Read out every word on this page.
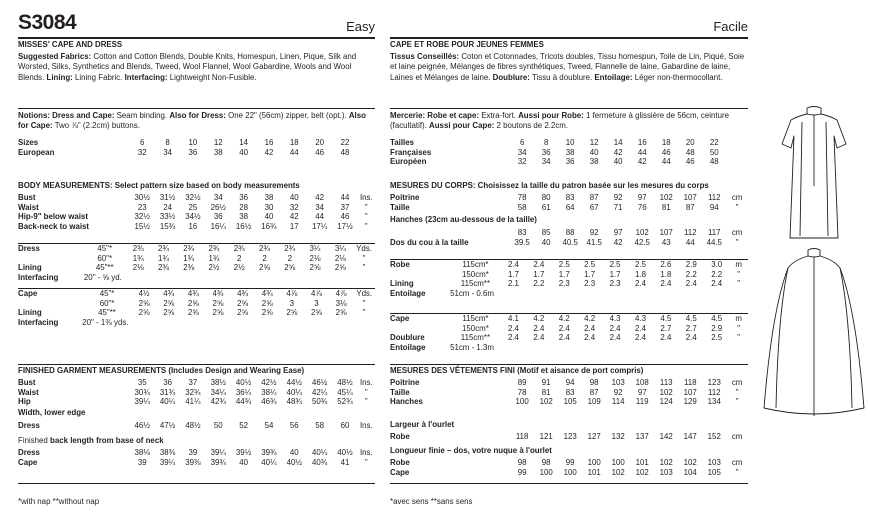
S3084	Easy
MISSES' CAPE AND DRESS
Suggested Fabrics: Cotton and Cotton Blends, Double Knits, Homespun, Linen, Pique, Silk and Worsted, Silks, Synthetics and Blends, Tweed, Wool Flannel, Wool Gabardine, Wools and Wool Blends. Lining: Lining Fabric. Interfacing: Lightweight Non-Fusible.
Notions: Dress and Cape: Seam binding. Also for Dress: One 22" (56cm) zipper, belt (opt.). Also for Cape: Two ⅞" (2.2cm) buttons.
Sizes	6	8	10	12	14	16	18	20	22	
European	32	34	36	38	40	42	44	46	48	
BODY MEASUREMENTS: Select pattern size based on body measurements
Bust	30½	31½	32½	34	36	38	40	42	44	Ins.
Waist	23	24	25	26½	28	30	32	34	37	"
Hip-9" below waist	32½	33½	34½	36	38	40	42	44	46	"
Back-neck to waist	15½	15¾	16	16¼	16½	16¾	17	17¼	17½	"
Dress	45"*	2¾	2¾	2¾	2¾	2¾	2¾	2¾	3¼	3¼	Yds.
	60"*	1¾	1¾	1¾	1¾	2	2	2	2⅛	2⅛	"
Lining	45"**	2⅛	2⅜	2⅜	2½	2½	2⅝	2⅝	2⅝	2⅝	"
Interfacing	20" - ⅝ yd.										
Cape	45"*	4½	4¾	4¾	4¾	4¾	4¾	4⅞	4⅞	4⅞	Yds.
	60"*	2⅝	2⅝	2⅝	2⅝	2⅝	2⅝	3	3	3⅛	"
Lining	45"**	2⅝	2⅝	2⅝	2⅝	2⅝	2⅝	2⅝	2⅝	2⅝	"
Interfacing	20" - 1⅜ yds.										
FINISHED GARMENT MEASUREMENTS (Includes Design and Wearing Ease)
Bust	35	36	37	38½	40½	42½	44½	46½	48½	Ins.
Waist	30¾	31¾	32¾	34¼	36¼	38¼	40¼	42¼	45¼	"
Hip	39¼	40¼	41¼	42¾	44¾	46¾	48¾	50¾	52¾	"
Width, lower edge
Dress	46½	47½	48½	50	52	54	56	58	60	Ins.
Finished back length from base of neck
Dress	38⅛	38⅜	39	39¼	39½	39¾	40	40¼	40½	Ins.
Cape	39	39¼	39⅜	39¾	40	40¼	40½	40¾	41	"
*with nap **without nap
Facile
CAPE ET ROBE POUR JEUNES FEMMES
Tissus Conseillés: Coton et Cotonnades, Tricots doubles, Tissu homespun, Toile de Lin, Piqué, Soie et laine peignée, Mélanges de fibres synthétiques, Tweed, Flannelle de laine, Gabardine de laine, Laines et Mélanges de laine. Doublure: Tissu à doublure. Entoilage: Léger non-thermocollant.
Mercerie: Robe et cape: Extra-fort. Aussi pour Robe: 1 fermeture à glissière de 56cm, ceinture (facultatif). Aussi pour Cape: 2 boutons de 2.2cm.
Tailles	6	8	10	12	14	16	18	20	22	
Françaises	34	36	38	40	42	44	46	48	50	
Européen	32	34	36	38	40	42	44	46	48	
MESURES DU CORPS: Choisissez la taille du patron basée sur les mesures du corps
Poitrine	78	80	83	87	92	97	102	107	112	cm
Taille	58	61	64	67	71	76	81	87	94	"
Hanches (23cm au-dessous de la taille)
	83	85	88	92	97	102	107	112	117	cm
Dos du cou à la taille	39.5	40	40.5	41.5	42	42.5	43	44	44.5	"
Robe	115cm*	2.4	2.4	2.5	2.5	2.5	2.5	2.6	2.9	3.0	m
	150cm*	1.7	1.7	1.7	1.7	1.7	1.8	1.8	2.2	2.2	"
Lining	115cm**	2.1	2.2	2.3	2.3	2.3	2.4	2.4	2.4	2.4	"
Entoilage	51cm - 0.6m										
Cape	115cm*	4.1	4.2	4.2	4.2	4.3	4.3	4.5	4.5	4.5	m
	150cm*	2.4	2.4	2.4	2.4	2.4	2.4	2.7	2.7	2.9	"
Doublure	115cm**	2.4	2.4	2.4	2.4	2.4	2.4	2.4	2.4	2.5	"
Entoilage	51cm - 1.3m										
MESURES DES VÊTEMENTS FINI (Motif et aisance de port compris)
Poitrine	89	91	94	98	103	108	113	118	123	cm
Taille	78	81	83	87	92	97	102	107	112	"
Hanches	100	102	105	109	114	119	124	129	134	"
Largeur à l'ourlet
Robe	118	121	123	127	132	137	142	147	152	cm
Longueur finie – dos, votre nuque à l'ourlet
Robe	98	98	99	100	100	101	102	102	103	cm
Cape	99	100	100	101	102	102	103	104	105	"
*avec sens **sans sens
